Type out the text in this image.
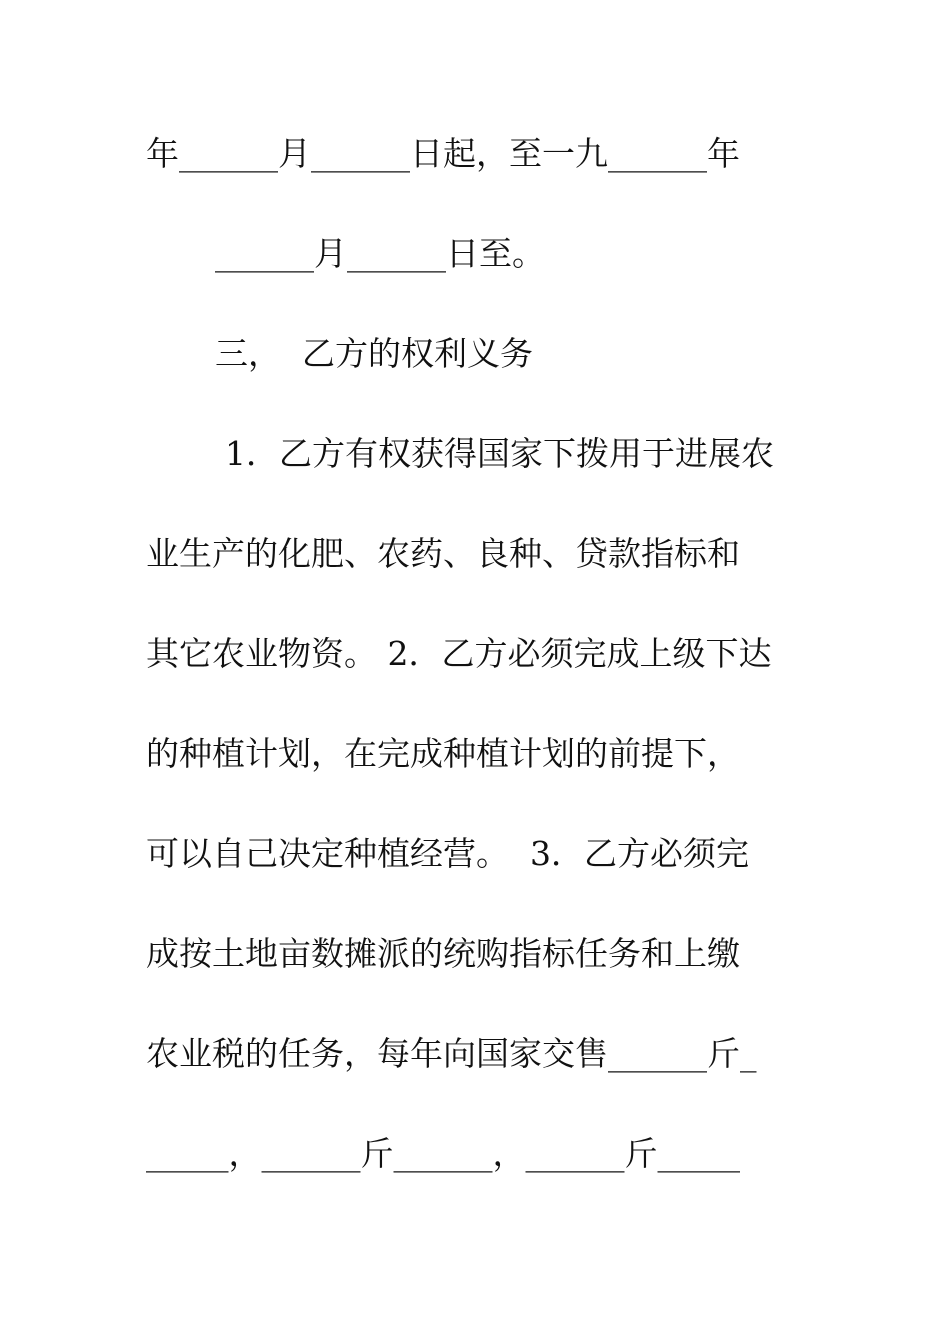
年______月______日起，至一九______年
______月______日至。
三，  乙方的权利义务
1．乙方有权获得国家下拨用于进展农
业生产的化肥、农药、良种、贷款指标和
其它农业物资。 2．乙方必须完成上级下达
的种植计划，在完成种植计划的前提下，
可以自己决定种植经营。  3．乙方必须完
成按土地亩数摊派的统购指标任务和上缴
农业税的任务，每年向国家交售______斤_
_____，______斤______，______斤_____
